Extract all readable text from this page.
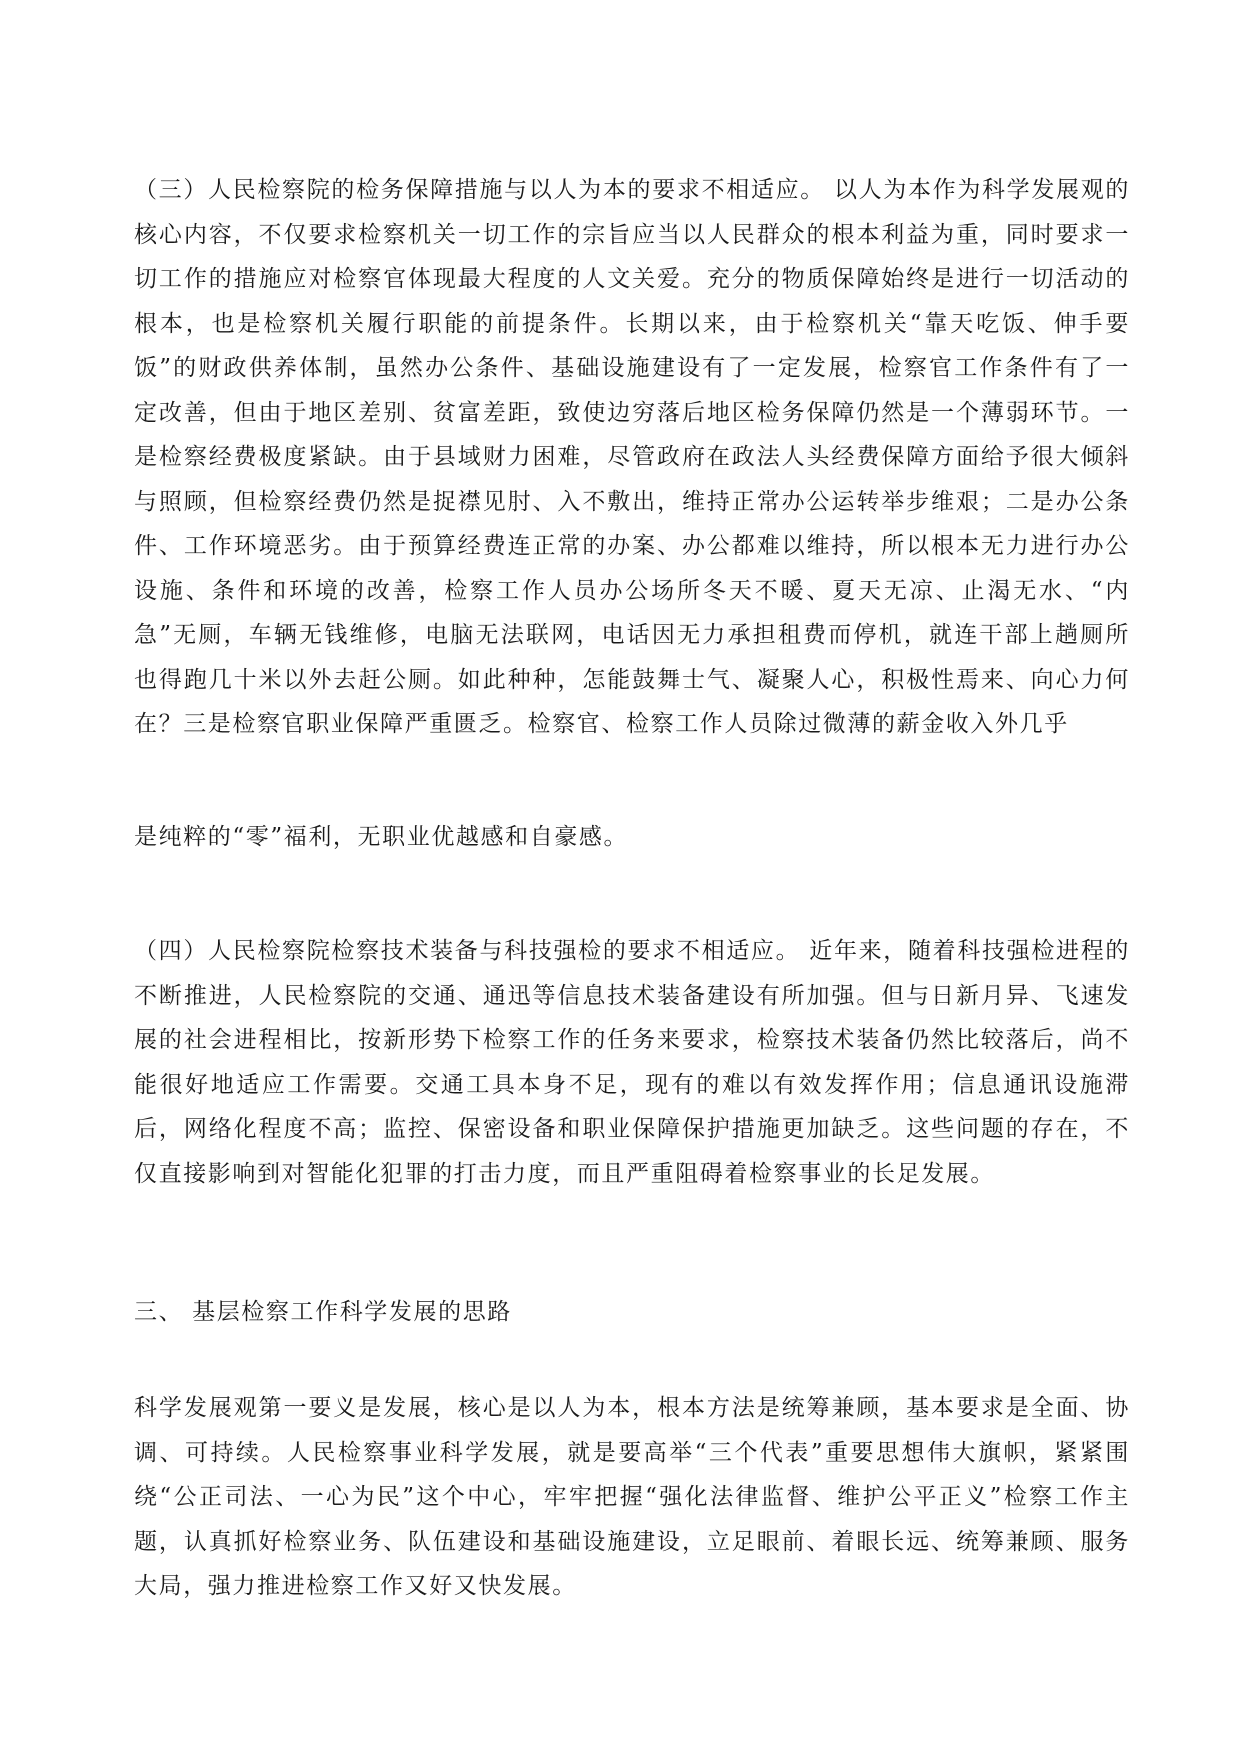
（三）人民检察院的检务保障措施与以人为本的要求不相适应。 以人为本作为科学发展观的核心内容，不仅要求检察机关一切工作的宗旨应当以人民群众的根本利益为重，同时要求一切工作的措施应对检察官体现最大程度的人文关爱。充分的物质保障始终是进行一切活动的根本，也是检察机关履行职能的前提条件。长期以来，由于检察机关“靠天吃饭、伸手要饭”的财政供养体制，虽然办公条件、基础设施建设有了一定发展，检察官工作条件有了一定改善，但由于地区差别、贫富差距，致使边穷落后地区检务保障仍然是一个薄弱环节。一是检察经费极度紧缺。由于县域财力困难，尽管政府在政法人头经费保障方面给予很大倾斜与照顾，但检察经费仍然是捉襟见肘、入不敷出，维持正常办公运转举步维艰；二是办公条件、工作环境恶劣。由于预算经费连正常的办案、办公都难以维持，所以根本无力进行办公设施、条件和环境的改善，检察工作人员办公场所冬天不暖、夏天无凉、止渴无水、“内急”无厕，车辆无钱维修，电脑无法联网，电话因无力承担租费而停机，就连干部上趟厕所也得跑几十米以外去赶公厕。如此种种，怎能鼓舞士气、凝聚人心，积极性焉来、向心力何在？三是检察官职业保障严重匮乏。检察官、检察工作人员除过微薄的薪金收入外几乎

是纯粹的“零”福利，无职业优越感和自豪感。

（四）人民检察院检察技术装备与科技强检的要求不相适应。 近年来，随着科技强检进程的不断推进，人民检察院的交通、通迅等信息技术装备建设有所加强。但与日新月异、飞速发展的社会进程相比，按新形势下检察工作的任务来要求，检察技术装备仍然比较落后，尚不能很好地适应工作需要。交通工具本身不足，现有的难以有效发挥作用；信息通讯设施滞后，网络化程度不高；监控、保密设备和职业保障保护措施更加缺乏。这些问题的存在，不仅直接影响到对智能化犯罪的打击力度，而且严重阻碍着检察事业的长足发展。

三、 基层检察工作科学发展的思路

科学发展观第一要义是发展，核心是以人为本，根本方法是统筹兼顾，基本要求是全面、协调、可持续。人民检察事业科学发展，就是要高举“三个代表”重要思想伟大旗帜，紧紧围绕“公正司法、一心为民”这个中心，牢牢把握“强化法律监督、维护公平正义”检察工作主题，认真抓好检察业务、队伍建设和基础设施建设，立足眼前、着眼长远、统筹兼顾、服务大局，强力推进检察工作又好又快发展。
